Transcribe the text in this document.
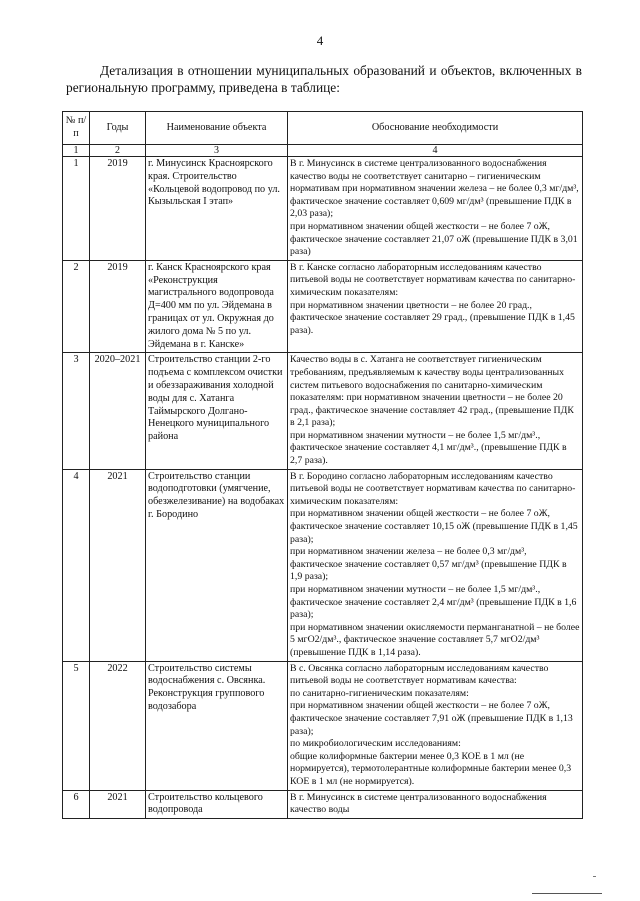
4
Детализация в отношении муниципальных образований и объектов, включенных в региональную программу, приведена в таблице:
№ п/п	Годы	Наименование объекта	Обоснование необходимости
1	2	3	4
1	2019	г. Минусинск Красноярского края. Строительство «Кольцевой водопровод по ул. Кызыльская I этап»	В г. Минусинск в системе централизованного водоснабжения качество воды не соответствует санитарно – гигиеническим нормативам при нормативном значении железа – не более 0,3 мг/дм³, фактическое значение составляет 0,609 мг/дм³ (превышение ПДК в 2,03 раза);
при нормативном значении общей жесткости – не более 7 оЖ, фактическое значение составляет 21,07 оЖ (превышение ПДК в 3,01 раза)
2	2019	г. Канск Красноярского края «Реконструкция магистрального водопровода Д=400 мм по ул. Эйдемана в границах от ул. Окружная до жилого дома № 5 по ул. Эйдемана в г. Канске»	В г. Канске согласно лабораторным исследованиям качество питьевой воды не соответствует нормативам качества по санитарно-химическим показателям:
при нормативном значении цветности – не более 20 град., фактическое значение составляет 29 град., (превышение ПДК в 1,45 раза).
3	2020–2021	Строительство станции 2-го подъема с комплексом очистки и обеззараживания холодной воды для с. Хатанга Таймырского Долгано-Ненецкого муниципального района	Качество воды в с. Хатанга не соответствует гигиеническим требованиям, предъявляемым к качеству воды централизованных систем питьевого водоснабжения по санитарно-химическим показателям: при нормативном значении цветности – не более 20 град., фактическое значение составляет 42 град., (превышение ПДК в 2,1 раза);
при нормативном значении мутности – не более 1,5 мг/дм³., фактическое значение составляет 4,1 мг/дм³., (превышение ПДК в 2,7 раза).
4	2021	Строительство станции водоподготовки (умягчение, обезжелезивание) на водобаках г. Бородино	В г. Бородино согласно лабораторным исследованиям качество питьевой воды не соответствует нормативам качества по санитарно-химическим показателям:
при нормативном значении общей жесткости – не более 7 оЖ, фактическое значение составляет 10,15 оЖ (превышение ПДК в 1,45 раза);
при нормативном значении железа – не более 0,3 мг/дм³, фактическое значение составляет 0,57 мг/дм³ (превышение ПДК в 1,9 раза);
при нормативном значении мутности – не более 1,5 мг/дм³., фактическое значение составляет 2,4 мг/дм³ (превышение ПДК в 1,6 раза);
при нормативном значении окисляемости перманганатной – не более 5 мгО2/дм³., фактическое значение составляет 5,7 мгО2/дм³ (превышение ПДК в 1,14 раза).
5	2022	Строительство системы водоснабжения с. Овсянка. Реконструкция группового водозабора	В с. Овсянка согласно лабораторным исследованиям качество питьевой воды не соответствует нормативам качества:
по санитарно-гигиеническим показателям:
при нормативном значении общей жесткости – не более 7 оЖ, фактическое значение составляет 7,91 оЖ (превышение ПДК в 1,13 раза);
по микробиологическим исследованиям:
общие колиформные бактерии менее 0,3 КОЕ в 1 мл (не нормируется), термотолерантные колиформные бактерии менее 0,3 КОЕ в 1 мл (не нормируется).
6	2021	Строительство кольцевого водопровода	В г. Минусинск в системе централизованного водоснабжения качество воды
